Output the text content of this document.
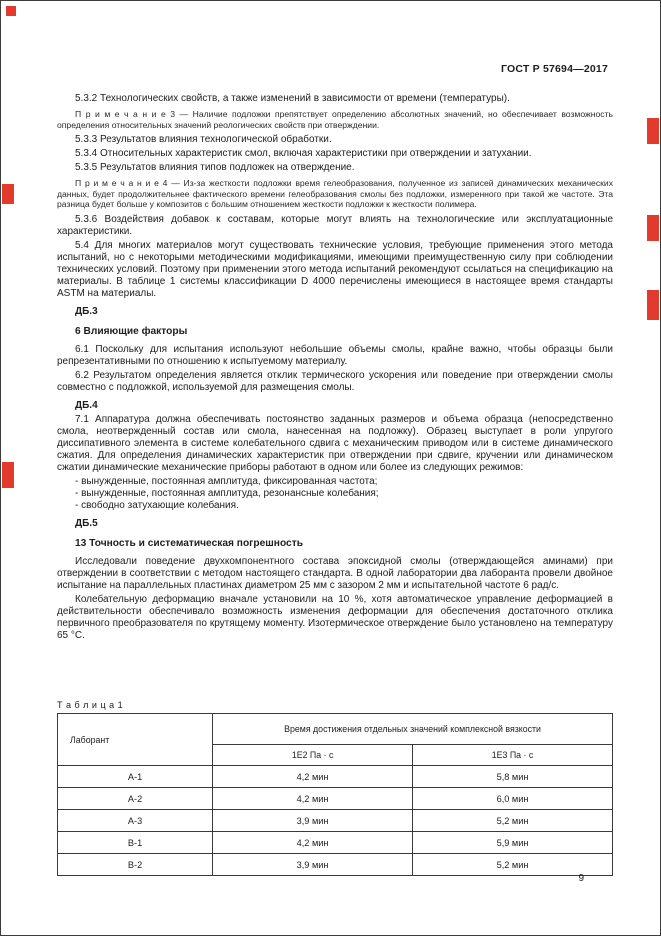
ГОСТ Р 57694—2017

5.3.2 Технологических свойств, а также изменений в зависимости от времени (температуры).

П р и м е ч а н и е 3 — Наличие подложки препятствует определению абсолютных значений, но обеспечивает возможность определения относительных значений реологических свойств при отверждении.

5.3.3 Результатов влияния технологической обработки.

5.3.4 Относительных характеристик смол, включая характеристики при отверждении и затухании.

5.3.5 Результатов влияния типов подложек на отверждение.

П р и м е ч а н и е 4 — Из-за жесткости подложки время гелеобразования, полученное из записей динамических механических данных, будет продолжительнее фактического времени гелеобразования смолы без подложки, измеренного при такой же частоте. Эта разница будет больше у композитов с большим отношением жесткости подложки к жесткости полимера.

5.3.6 Воздействия добавок к составам, которые могут влиять на технологические или эксплуатационные характеристики.

5.4 Для многих материалов могут существовать технические условия, требующие применения этого метода испытаний, но с некоторыми методическими модификациями, имеющими преимущественную силу при соблюдении технических условий. Поэтому при применении этого метода испытаний рекомендуют ссылаться на спецификацию на материалы. В таблице 1 системы классификации D 4000 перечислены имеющиеся в настоящее время стандарты ASTM на материалы.

ДБ.3

6 Влияющие факторы

6.1 Поскольку для испытания используют небольшие объемы смолы, крайне важно, чтобы образцы были репрезентативными по отношению к испытуемому материалу.

6.2 Результатом определения является отклик термического ускорения или поведение при отверждении смолы совместно с подложкой, используемой для размещения смолы.

ДБ.4

7.1 Аппаратура должна обеспечивать постоянство заданных размеров и объема образца (непосредственно смола, неотвержденный состав или смола, нанесенная на подложку). Образец выступает в роли упругого диссипативного элемента в системе колебательного сдвига с механическим приводом или в системе динамического сжатия. Для определения динамических характеристик при отверждении при сдвиге, кручении или динамическом сжатии динамические механические приборы работают в одном или более из следующих режимов:

- вынужденные, постоянная амплитуда, фиксированная частота;

- вынужденные, постоянная амплитуда, резонансные колебания;

- свободно затухающие колебания.

ДБ.5

13 Точность и систематическая погрешность

Исследовали поведение двухкомпонентного состава эпоксидной смолы (отверждающейся аминами) при отверждении в соответствии с методом настоящего стандарта. В одной лаборатории два лаборанта провели двойное испытание на параллельных пластинах диаметром 25 мм с зазором 2 мм и испытательной частоте 6 рад/с.

Колебательную деформацию вначале установили на 10 %, хотя автоматическое управление деформацией в действительности обеспечивало возможность изменения деформации для обеспечения достаточного отклика первичного преобразователя по крутящему моменту. Изотермическое отверждение было установлено на температуру 65 °С.

Т а б л и ц а 1
Лаборант	Время достижения отдельных значений комплексной вязкости	
	1Е2 Па · с	1Е3 Па · с
А-1	4,2 мин	5,8 мин
А-2	4,2 мин	6,0 мин
А-3	3,9 мин	5,2 мин
В-1	4,2 мин	5,9 мин
В-2	3,9 мин	5,2 мин
9
